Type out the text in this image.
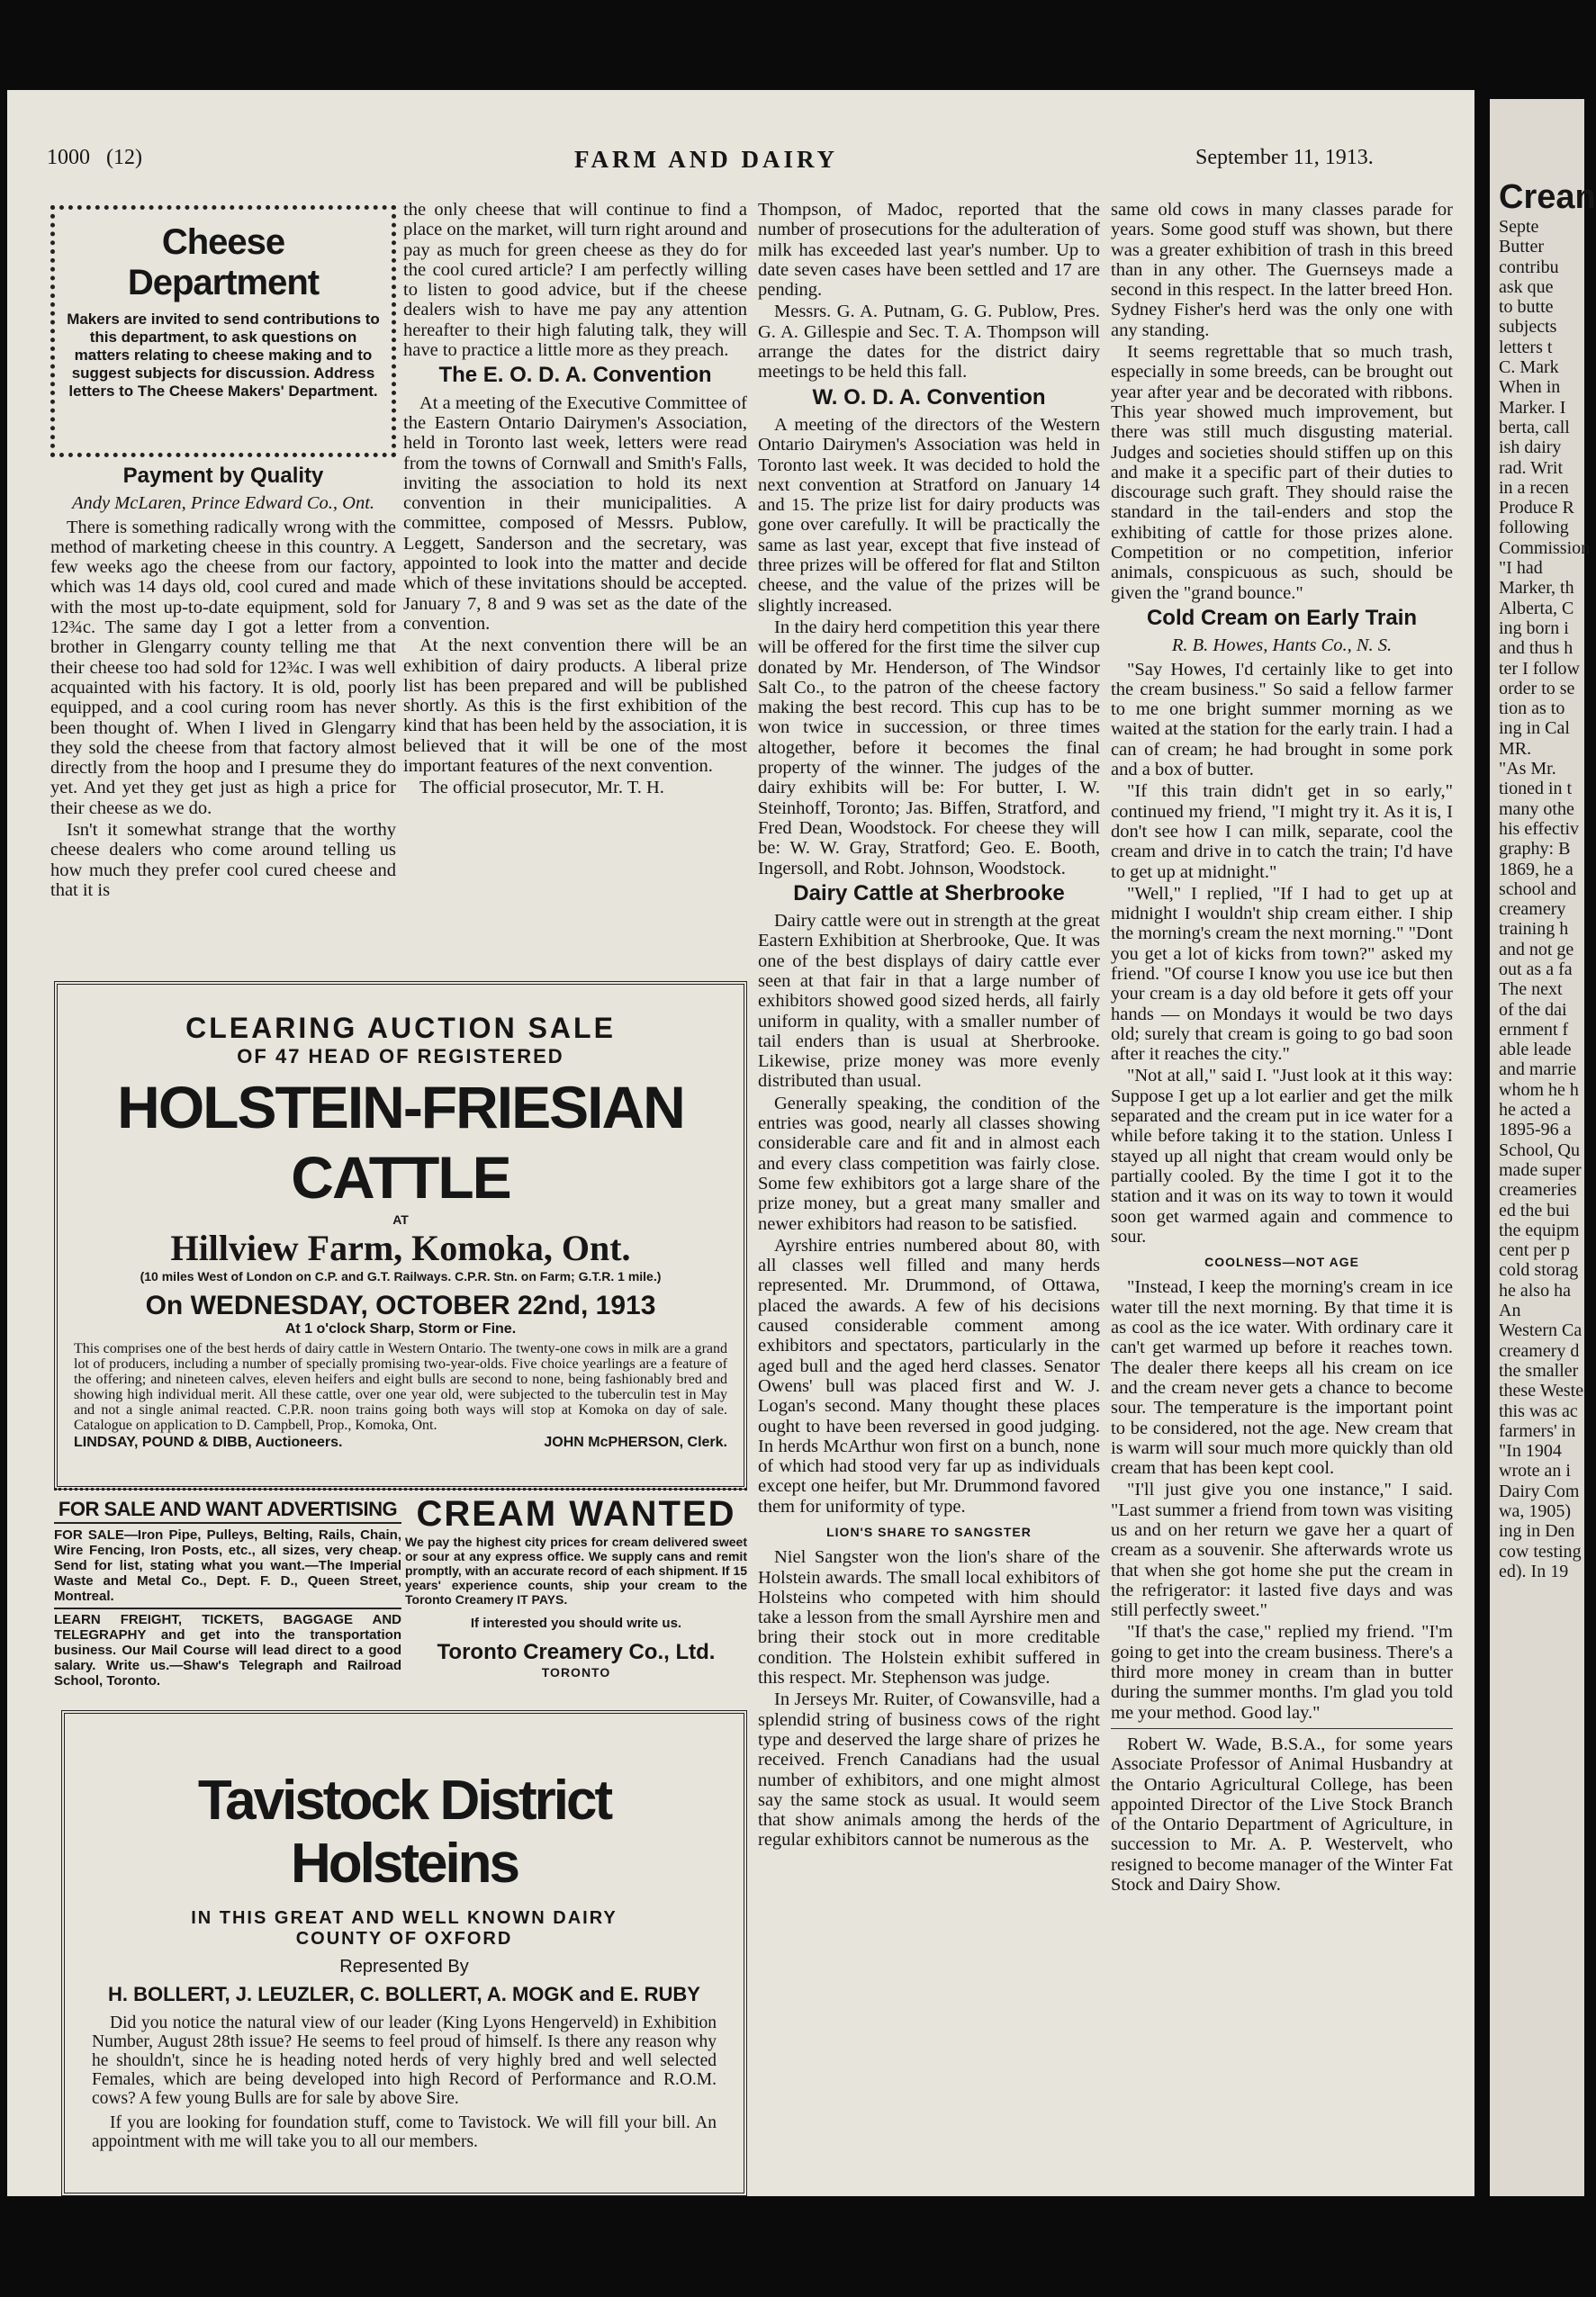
1000 (12)	FARM AND DAIRY	September 11, 1913.
Cheese Department
Makers are invited to send contributions to this department, to ask questions on matters relating to cheese making and to suggest subjects for discussion. Address letters to The Cheese Makers' Department.
Payment by Quality
Andy McLaren, Prince Edward Co., Ont.

There is something radically wrong with the method of marketing cheese in this country. A few weeks ago the cheese from our factory, which was 14 days old, cool cured and made with the most up-to-date equipment, sold for 12¾c. The same day I got a letter from a brother in Glengarry county telling me that their cheese too had sold for 12¾c. I was well acquainted with his factory. It is old, poorly equipped, and a cool curing room has never been thought of. When I lived in Glengarry they sold the cheese from that factory almost directly from the hoop and I presume they do yet. And yet they get just as high a price for their cheese as we do.

Isn't it somewhat strange that the worthy cheese dealers who come around telling us how much they prefer cool cured cheese and that it is

the only cheese that will continue to find a place on the market, will turn right around and pay as much for green cheese as they do for the cool cured article? I am perfectly willing to listen to good advice, but if the cheese dealers wish to have me pay any attention hereafter to their high faluting talk, they will have to practice a little more as they preach.

The E. O. D. A. Convention

At a meeting of the Executive Committee of the Eastern Ontario Dairymen's Association, held in Toronto last week, letters were read from the towns of Cornwall and Smith's Falls, inviting the association to hold its next convention in their municipalities. A committee, composed of Messrs. Publow, Leggett, Sanderson and the secretary, was appointed to look into the matter and decide which of these invitations should be accepted. January 7, 8 and 9 was set as the date of the convention.

At the next convention there will be an exhibition of dairy products. A liberal prize list has been prepared and will be published shortly. As this is the first exhibition of the kind that has been held by the association, it is believed that it will be one of the most important features of the next convention.

The official prosecutor, Mr. T. H.

CLEARING AUCTION SALE
OF 47 HEAD OF REGISTERED
HOLSTEIN-FRIESIAN CATTLE
AT
Hillview Farm, Komoka, Ont.
(10 miles West of London on C.P. and G.T. Railways. C.P.R. Stn. on Farm; G.T.R. 1 mile.)
On WEDNESDAY, OCTOBER 22nd, 1913
At 1 o'clock Sharp, Storm or Fine.
This comprises one of the best herds of dairy cattle in Western Ontario. The twenty-one cows in milk are a grand lot of producers, including a number of specially promising two-year-olds. Five choice yearlings are a feature of the offering; and nineteen calves, eleven heifers and eight bulls are second to none, being fashionably bred and showing high individual merit. All these cattle, over one year old, were subjected to the tuberculin test in May and not a single animal reacted. C.P.R. noon trains going both ways will stop at Komoka on day of sale. Catalogue on application to D. Campbell, Prop., Komoka, Ont.
LINDSAY, POUND & DIBB, Auctioneers.	JOHN McPHERSON, Clerk.
FOR SALE AND WANT ADVERTISING

FOR SALE—Iron Pipe, Pulleys, Belting, Rails, Chain, Wire Fencing, Iron Posts, etc., all sizes, very cheap. Send for list, stating what you want.—The Imperial Waste and Metal Co., Dept. F. D., Queen Street, Montreal.

LEARN FREIGHT, TICKETS, BAGGAGE AND TELEGRAPHY and get into the transportation business. Our Mail Course will lead direct to a good salary. Write us.—Shaw's Telegraph and Railroad School, Toronto.

CREAM WANTED
We pay the highest city prices for cream delivered sweet or sour at any express office. We supply cans and remit promptly, with an accurate record of each shipment. If 15 years' experience counts, ship your cream to the Toronto Creamery IT PAYS.
If interested you should write us.
Toronto Creamery Co., Ltd.
TORONTO
Tavistock District Holsteins
IN THIS GREAT AND WELL KNOWN DAIRY
COUNTY OF OXFORD
Represented By
H. BOLLERT, J. LEUZLER, C. BOLLERT, A. MOGK and E. RUBY

Did you notice the natural view of our leader (King Lyons Hengerveld) in Exhibition Number, August 28th issue? He seems to feel proud of himself. Is there any reason why he shouldn't, since he is heading noted herds of very highly bred and well selected Females, which are being developed into high Record of Performance and R.O.M. cows? A few young Bulls are for sale by above Sire.

If you are looking for foundation stuff, come to Tavistock. We will fill your bill. An appointment with me will take you to all our members.

Thompson, of Madoc, reported that the number of prosecutions for the adulteration of milk has exceeded last year's number. Up to date seven cases have been settled and 17 are pending.

Messrs. G. A. Putnam, G. G. Publow, Pres. G. A. Gillespie and Sec. T. A. Thompson will arrange the dates for the district dairy meetings to be held this fall.

W. O. D. A. Convention

A meeting of the directors of the Western Ontario Dairymen's Association was held in Toronto last week. It was decided to hold the next convention at Stratford on January 14 and 15. The prize list for dairy products was gone over carefully. It will be practically the same as last year, except that five instead of three prizes will be offered for flat and Stilton cheese, and the value of the prizes will be slightly increased.

In the dairy herd competition this year there will be offered for the first time the silver cup donated by Mr. Henderson, of The Windsor Salt Co., to the patron of the cheese factory making the best record. This cup has to be won twice in succession, or three times altogether, before it becomes the final property of the winner. The judges of the dairy exhibits will be: For butter, I. W. Steinhoff, Toronto; Jas. Biffen, Stratford, and Fred Dean, Woodstock. For cheese they will be: W. W. Gray, Stratford; Geo. E. Booth, Ingersoll, and Robt. Johnson, Woodstock.

Dairy Cattle at Sherbrooke

Dairy cattle were out in strength at the great Eastern Exhibition at Sherbrooke, Que. It was one of the best displays of dairy cattle ever seen at that fair in that a large number of exhibitors showed good sized herds, all fairly uniform in quality, with a smaller number of tail enders than is usual at Sherbrooke. Likewise, prize money was more evenly distributed than usual.

Generally speaking, the condition of the entries was good, nearly all classes showing considerable care and fit and in almost each and every class competition was fairly close. Some few exhibitors got a large share of the prize money, but a great many smaller and newer exhibitors had reason to be satisfied.

Ayrshire entries numbered about 80, with all classes well filled and many herds represented. Mr. Drummond, of Ottawa, placed the awards. A few of his decisions caused considerable comment among exhibitors and spectators, particularly in the aged bull and the aged herd classes. Senator Owens' bull was placed first and W. J. Logan's second. Many thought these places ought to have been reversed in good judging. In herds McArthur won first on a bunch, none of which had stood very far up as individuals except one heifer, but Mr. Drummond favored them for uniformity of type.

LION'S SHARE TO SANGSTER

Niel Sangster won the lion's share of the Holstein awards. The small local exhibitors of Holsteins who competed with him should take a lesson from the small Ayrshire men and bring their stock out in more creditable condition. The Holstein exhibit suffered in this respect. Mr. Stephenson was judge.

In Jerseys Mr. Ruiter, of Cowansville, had a splendid string of business cows of the right type and deserved the large share of prizes he received. French Canadians had the usual number of exhibitors, and one might almost say the same stock as usual. It would seem that show animals among the herds of the regular exhibitors cannot be numerous as the

same old cows in many classes parade for years. Some good stuff was shown, but there was a greater exhibition of trash in this breed than in any other. The Guernseys made a second in this respect. In the latter breed Hon. Sydney Fisher's herd was the only one with any standing.

It seems regrettable that so much trash, especially in some breeds, can be brought out year after year and be decorated with ribbons. This year showed much improvement, but there was still much disgusting material. Judges and societies should stiffen up on this and make it a specific part of their duties to discourage such graft. They should raise the standard in the tail-enders and stop the exhibiting of cattle for those prizes alone. Competition or no competition, inferior animals, conspicuous as such, should be given the "grand bounce."

Cold Cream on Early Train
R. B. Howes, Hants Co., N. S.

"Say Howes, I'd certainly like to get into the cream business." So said a fellow farmer to me one bright summer morning as we waited at the station for the early train. I had a can of cream; he had brought in some pork and a box of butter.

"If this train didn't get in so early," continued my friend, "I might try it. As it is, I don't see how I can milk, separate, cool the cream and drive in to catch the train; I'd have to get up at midnight."

"Well," I replied, "If I had to get up at midnight I wouldn't ship cream either. I ship the morning's cream the next morning." "Dont you get a lot of kicks from town?" asked my friend. "Of course I know you use ice but then your cream is a day old before it gets off your hands — on Mondays it would be two days old; surely that cream is going to go bad soon after it reaches the city."

"Not at all," said I. "Just look at it this way: Suppose I get up a lot earlier and get the milk separated and the cream put in ice water for a while before taking it to the station. Unless I stayed up all night that cream would only be partially cooled. By the time I got it to the station and it was on its way to town it would soon get warmed again and commence to sour.

COOLNESS—NOT AGE

"Instead, I keep the morning's cream in ice water till the next morning. By that time it is as cool as the ice water. With ordinary care it can't get warmed up before it reaches town. The dealer there keeps all his cream on ice and the cream never gets a chance to become sour. The temperature is the important point to be considered, not the age. New cream that is warm will sour much more quickly than old cream that has been kept cool.

"I'll just give you one instance," I said. "Last summer a friend from town was visiting us and on her return we gave her a quart of cream as a souvenir. She afterwards wrote us that when she got home she put the cream in the refrigerator: it lasted five days and was still perfectly sweet."

"If that's the case," replied my friend. "I'm going to get into the cream business. There's a third more money in cream than in butter during the summer months. I'm glad you told me your method. Good lay."

Robert W. Wade, B.S.A., for some years Associate Professor of Animal Husbandry at the Ontario Agricultural College, has been appointed Director of the Live Stock Branch of the Ontario Department of Agriculture, in succession to Mr. A. P. Westervelt, who resigned to become manager of the Winter Fat Stock and Dairy Show.

Crean
Septe
Butter
contribu
ask que
to butte
subjects
letters t
C. Mark
When in
Marker. I
berta, call
ish dairy
rad. Writ
in a recen
Produce R
following
Commission
"I had
Marker, th
Alberta, C
ing born i
and thus h
ter I follow
order to se
tion as to
ing in Cal
MR.
"As Mr.
tioned in t
many othe
his effectiv
graphy: B
1869, he a
school and
creamery
training h
and not ge
out as a fa
The next
of the dai
ernment f
able leade
and marrie
whom he h
he acted a
1895-96 a
School, Qu
made super
creameries
ed the bui
the equipm
cent per p
cold storag
he also ha
An
Western Ca
creamery d
the smaller
these Weste
this was ac
farmers' in
"In 1904
wrote an i
Dairy Com
wa, 1905)
ing in Den
cow testing
ed). In 19
